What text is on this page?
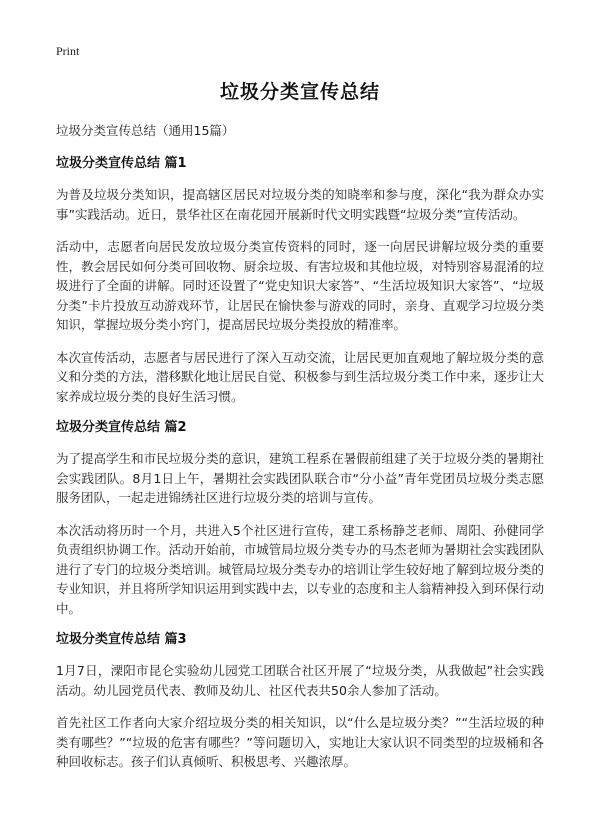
Print
垃圾分类宣传总结
垃圾分类宣传总结（通用15篇）
垃圾分类宣传总结 篇1

为普及垃圾分类知识，提高辖区居民对垃圾分类的知晓率和参与度，深化“我为群众办实事”实践活动。近日，景华社区在南花园开展新时代文明实践暨“垃圾分类”宣传活动。

活动中，志愿者向居民发放垃圾分类宣传资料的同时，逐一向居民讲解垃圾分类的重要性，教会居民如何分类可回收物、厨余垃圾、有害垃圾和其他垃圾，对特别容易混淆的垃圾进行了全面的讲解。同时还设置了“党史知识大家答”、“生活垃圾知识大家答”、“垃圾分类”卡片投放互动游戏环节，让居民在愉快参与游戏的同时，亲身、直观学习垃圾分类知识，掌握垃圾分类小窍门，提高居民垃圾分类投放的精准率。

本次宣传活动，志愿者与居民进行了深入互动交流，让居民更加直观地了解垃圾分类的意义和分类的方法，潜移默化地让居民自觉、积极参与到生活垃圾分类工作中来，逐步让大家养成垃圾分类的良好生活习惯。

垃圾分类宣传总结 篇2

为了提高学生和市民垃圾分类的意识，建筑工程系在暑假前组建了关于垃圾分类的暑期社会实践团队。8月1日上午，暑期社会实践团队联合市“分小益”青年党团员垃圾分类志愿服务团队，一起走进锦绣社区进行垃圾分类的培训与宣传。

本次活动将历时一个月，共进入5个社区进行宣传，建工系杨静芝老师、周阳、孙健同学负责组织协调工作。活动开始前，市城管局垃圾分类专办的马杰老师为暑期社会实践团队进行了专门的垃圾分类培训。城管局垃圾分类专办的培训让学生较好地了解到垃圾分类的专业知识，并且将所学知识运用到实践中去，以专业的态度和主人翁精神投入到环保行动中。

垃圾分类宣传总结 篇3

1月7日，溧阳市昆仑实验幼儿园党工团联合社区开展了“垃圾分类，从我做起”社会实践活动。幼儿园党员代表、教师及幼儿、社区代表共50余人参加了活动。

首先社区工作者向大家介绍垃圾分类的相关知识，以“什么是垃圾分类？”“生活垃圾的种类有哪些？”“垃圾的危害有哪些？”等问题切入，实地让大家认识不同类型的垃圾桶和各种回收标志。孩子们认真倾听、积极思考、兴趣浓厚。
